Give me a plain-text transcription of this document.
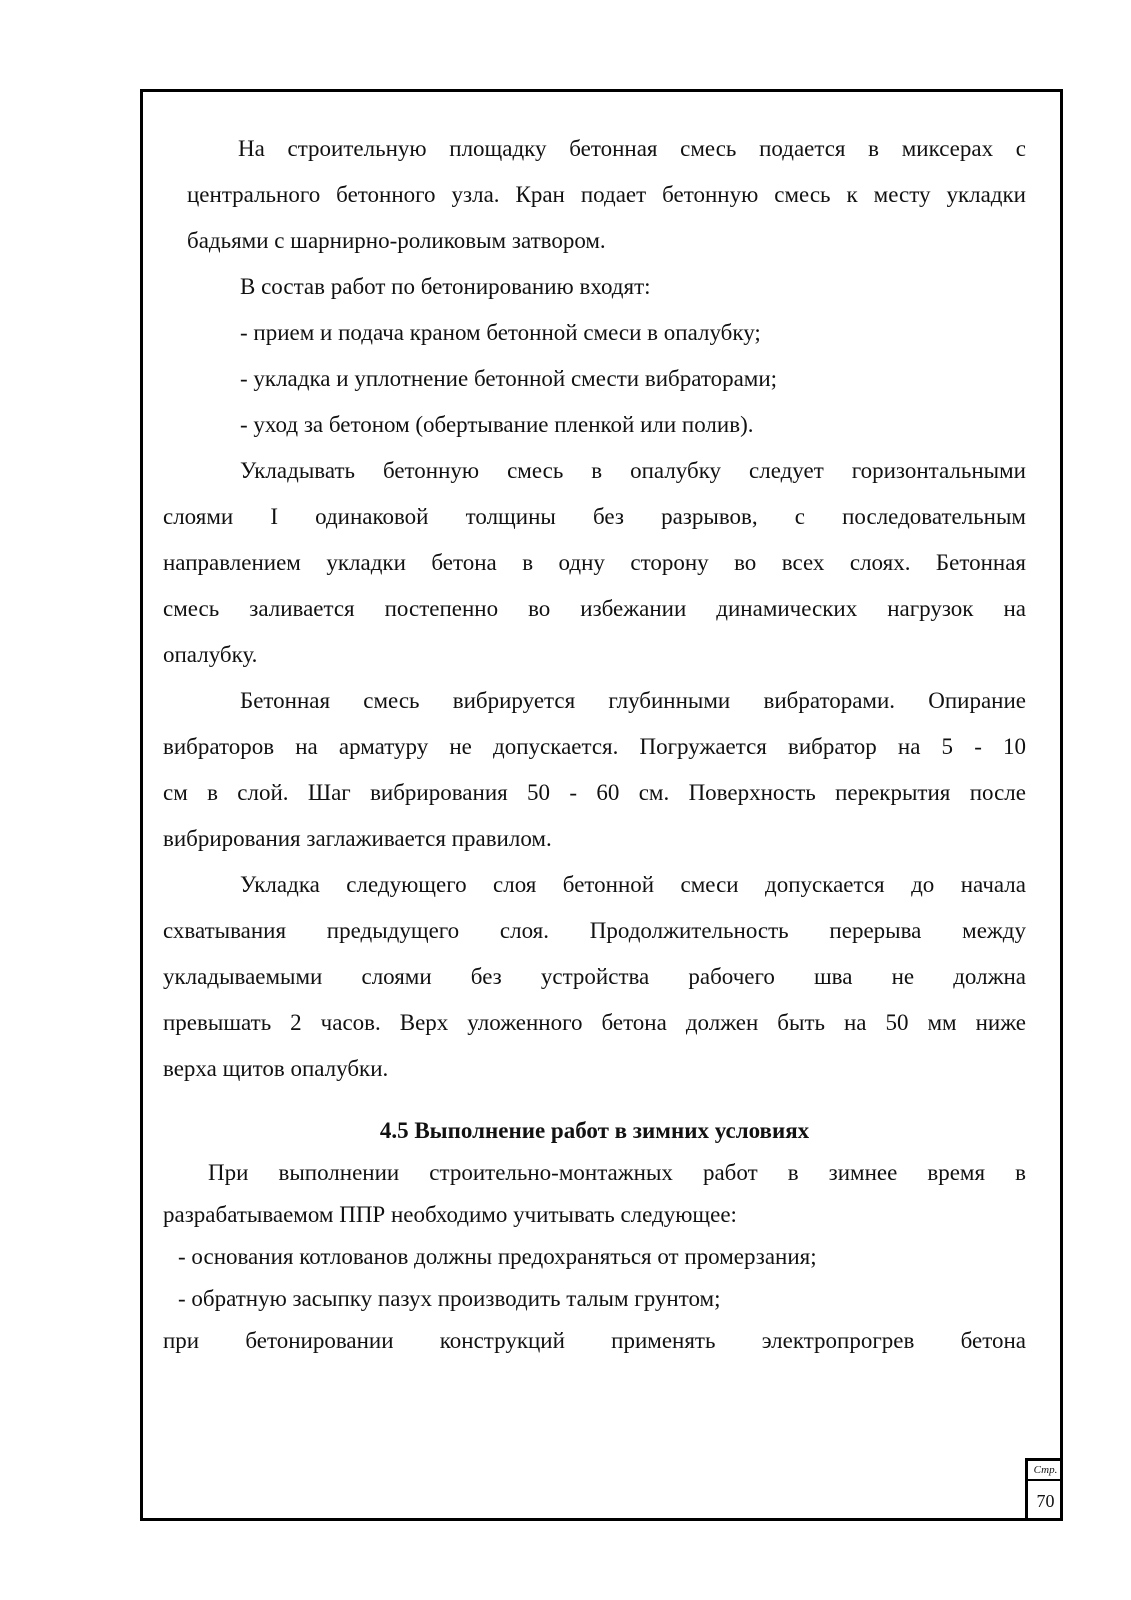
На строительную площадку бетонная смесь подается в миксерах с
центрального бетонного узла. Кран подает бетонную смесь к месту укладки
бадьями с шарнирно-роликовым затвором.
В состав работ по бетонированию входят:
- прием и подача краном бетонной смеси в опалубку;
- укладка и уплотнение бетонной смести вибраторами;
- уход за бетоном (обертывание пленкой или полив).
Укладывать бетонную смесь в опалубку следует горизонтальными
слоями I одинаковой толщины без разрывов, с последовательным
направлением укладки бетона в одну сторону во всех слоях. Бетонная
смесь заливается постепенно во избежании динамических нагрузок на
опалубку.
Бетонная смесь вибрируется глубинными вибраторами. Опирание
вибраторов на арматуру не допускается. Погружается вибратор на 5 - 10
см в слой. Шаг вибрирования 50 - 60 см. Поверхность перекрытия после
вибрирования заглаживается правилом.
Укладка следующего слоя бетонной смеси допускается до начала
схватывания предыдущего слоя. Продолжительность перерыва между
укладываемыми слоями без устройства рабочего шва не должна
превышать 2 часов. Верх уложенного бетона должен быть на 50 мм ниже
верха щитов опалубки.
4.5 Выполнение работ в зимних условиях
При выполнении строительно-монтажных работ в зимнее время в
разрабатываемом ППР необходимо учитывать следующее:
- основания котлованов должны предохраняться от промерзания;
- обратную засыпку пазух производить талым грунтом;
при бетонировании конструкций применять электропрогрев бетона
Стр.
70
